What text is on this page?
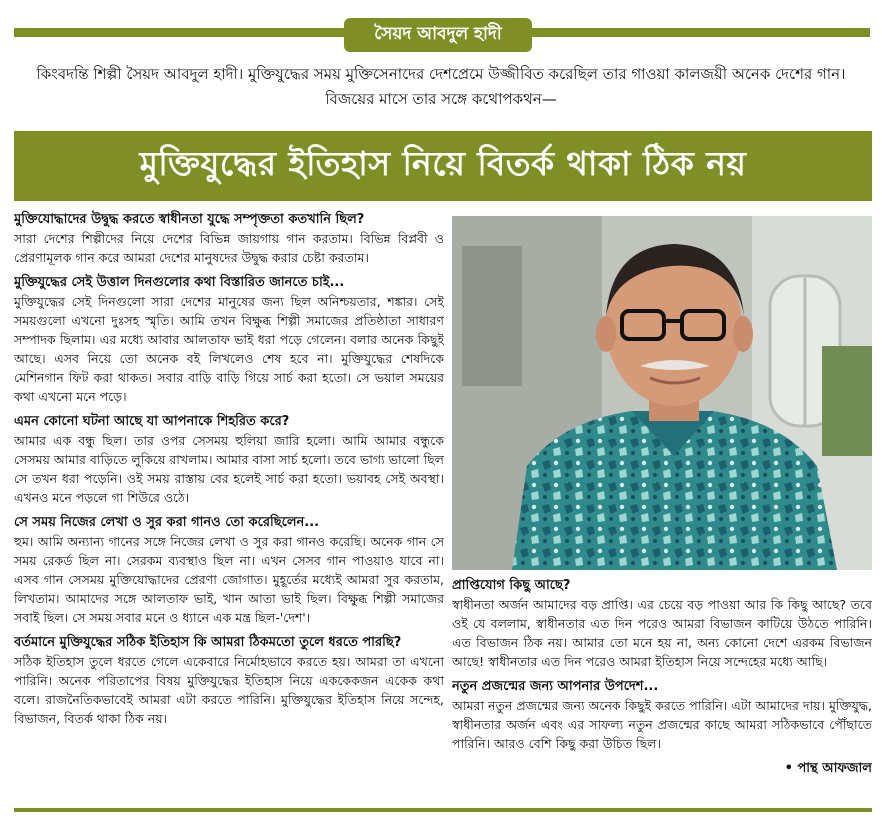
সৈয়দ আবদুল হাদী
কিংবদন্তি শিল্পী সৈয়দ আবদুল হাদী। মুক্তিযুদ্ধের সময় মুক্তিসেনাদের দেশপ্রেমে উজ্জীবিত করেছিল তার গাওয়া কালজয়ী অনেক দেশের গান। বিজয়ের মাসে তার সঙ্গে কথোপকথন—
মুক্তিযুদ্ধের ইতিহাস নিয়ে বিতর্ক থাকা ঠিক নয়

মুক্তিযোদ্ধাদের উদ্বুদ্ধ করতে স্বাধীনতা যুদ্ধে সম্পৃক্ততা কতখানি ছিল?

সারা দেশের শিল্পীদের নিয়ে দেশের বিভিন্ন জায়গায় গান করতাম। বিভিন্ন বিপ্লবী ও প্রেরণামূলক গান করে আমরা দেশের মানুষদের উদ্বুদ্ধ করার চেষ্টা করতাম।

মুক্তিযুদ্ধের সেই উত্তাল দিনগুলোর কথা বিস্তারিত জানতে চাই...

মুক্তিযুদ্ধের সেই দিনগুলো সারা দেশের মানুষের জন্য ছিল অনিশ্চয়তার, শঙ্কার। সেই সময়গুলো এখনো দুঃসহ স্মৃতি। আমি তখন বিক্ষুব্ধ শিল্পী সমাজের প্রতিষ্ঠাতা সাধারণ সম্পাদক ছিলাম। এর মধ্যে আবার আলতাফ ভাই ধরা পড়ে গেলেন। বলার অনেক কিছুই আছে। এসব নিয়ে তো অনেক বই লিখলেও শেষ হবে না। মুক্তিযুদ্ধের শেষদিকে মেশিনগান ফিট করা থাকত। সবার বাড়ি বাড়ি গিয়ে সার্চ করা হতো। সে ভয়াল সময়ের কথা এখনো মনে পড়ে।

এমন কোনো ঘটনা আছে যা আপনাকে শিহরিত করে?

আমার এক বন্ধু ছিল। তার ওপর সেসময় হুলিয়া জারি হলো। আমি আমার বন্ধুকে সেসময় আমার বাড়িতে লুকিয়ে রাখলাম। আমার বাসা সার্চ হলো। তবে ভাগ্য ভালো ছিল সে তখন ধরা পড়েনি। ওই সময় রাস্তায় বের হলেই সার্চ করা হতো। ভয়াবহ সেই অবস্থা। এখনও মনে পড়লে গা শিউরে ওঠে।

সে সময় নিজের লেখা ও সুর করা গানও তো করেছিলেন...

হুম। আমি অন্যান্য গানের সঙ্গে নিজের লেখা ও সুর করা গানও করেছি। অনেক গান সে সময় রেকর্ড ছিল না। সেরকম ব্যবস্থাও ছিল না। এখন সেসব গান পাওয়াও যাবে না। এসব গান সেসময় মুক্তিযোদ্ধাদের প্রেরণা জোগাত। মুহূর্তের মধ্যেই আমরা সুর করতাম, লিখতাম। আমাদের সঙ্গে আলতাফ ভাই, খান আতা ভাই ছিল। বিক্ষুব্ধ শিল্পী সমাজের সবাই ছিল। সে সময় সবার মনে ও ধ্যানে এক মন্ত্র ছিল-'দেশ'।

বর্তমানে মুক্তিযুদ্ধের সঠিক ইতিহাস কি আমরা ঠিকমতো তুলে ধরতে পারছি?

সঠিক ইতিহাস তুলে ধরতে গেলে একেবারে নির্মোহভাবে করতে হয়। আমরা তা এখনো পারিনি। অনেক পরিতাপের বিষয় মুক্তিযুদ্ধের ইতিহাস নিয়ে এককেকজন একেক কথা বলে। রাজনৈতিকভাবেই আমরা এটা করতে পারিনি। মুক্তিযুদ্ধের ইতিহাস নিয়ে সন্দেহ, বিভাজন, বিতর্ক থাকা ঠিক নয়।

প্রাপ্তিযোগ কিছু আছে?

স্বাধীনতা অর্জন আমাদের বড় প্রাপ্তি। এর চেয়ে বড় পাওয়া আর কি কিছু আছে? তবে ওই যে বললাম, স্বাধীনতার এত দিন পরেও আমরা বিভাজন কাটিয়ে উঠতে পারিনি। এত বিভাজন ঠিক নয়। আমার তো মনে হয় না, অন্য কোনো দেশে এরকম বিভাজন আছে! স্বাধীনতার এত দিন পরেও আমরা ইতিহাস নিয়ে সন্দেহের মধ্যে আছি।

নতুন প্রজন্মের জন্য আপনার উপদেশ...

আমরা নতুন প্রজন্মের জন্য অনেক কিছুই করতে পারিনি। এটা আমাদের দায়। মুক্তিযুদ্ধ, স্বাধীনতার অর্জন এবং এর সাফল্য নতুন প্রজন্মের কাছে আমরা সঠিকভাবে পৌঁছাতে পারিনি। আরও বেশি কিছু করা উচিত ছিল।

• পান্থ আফজাল
